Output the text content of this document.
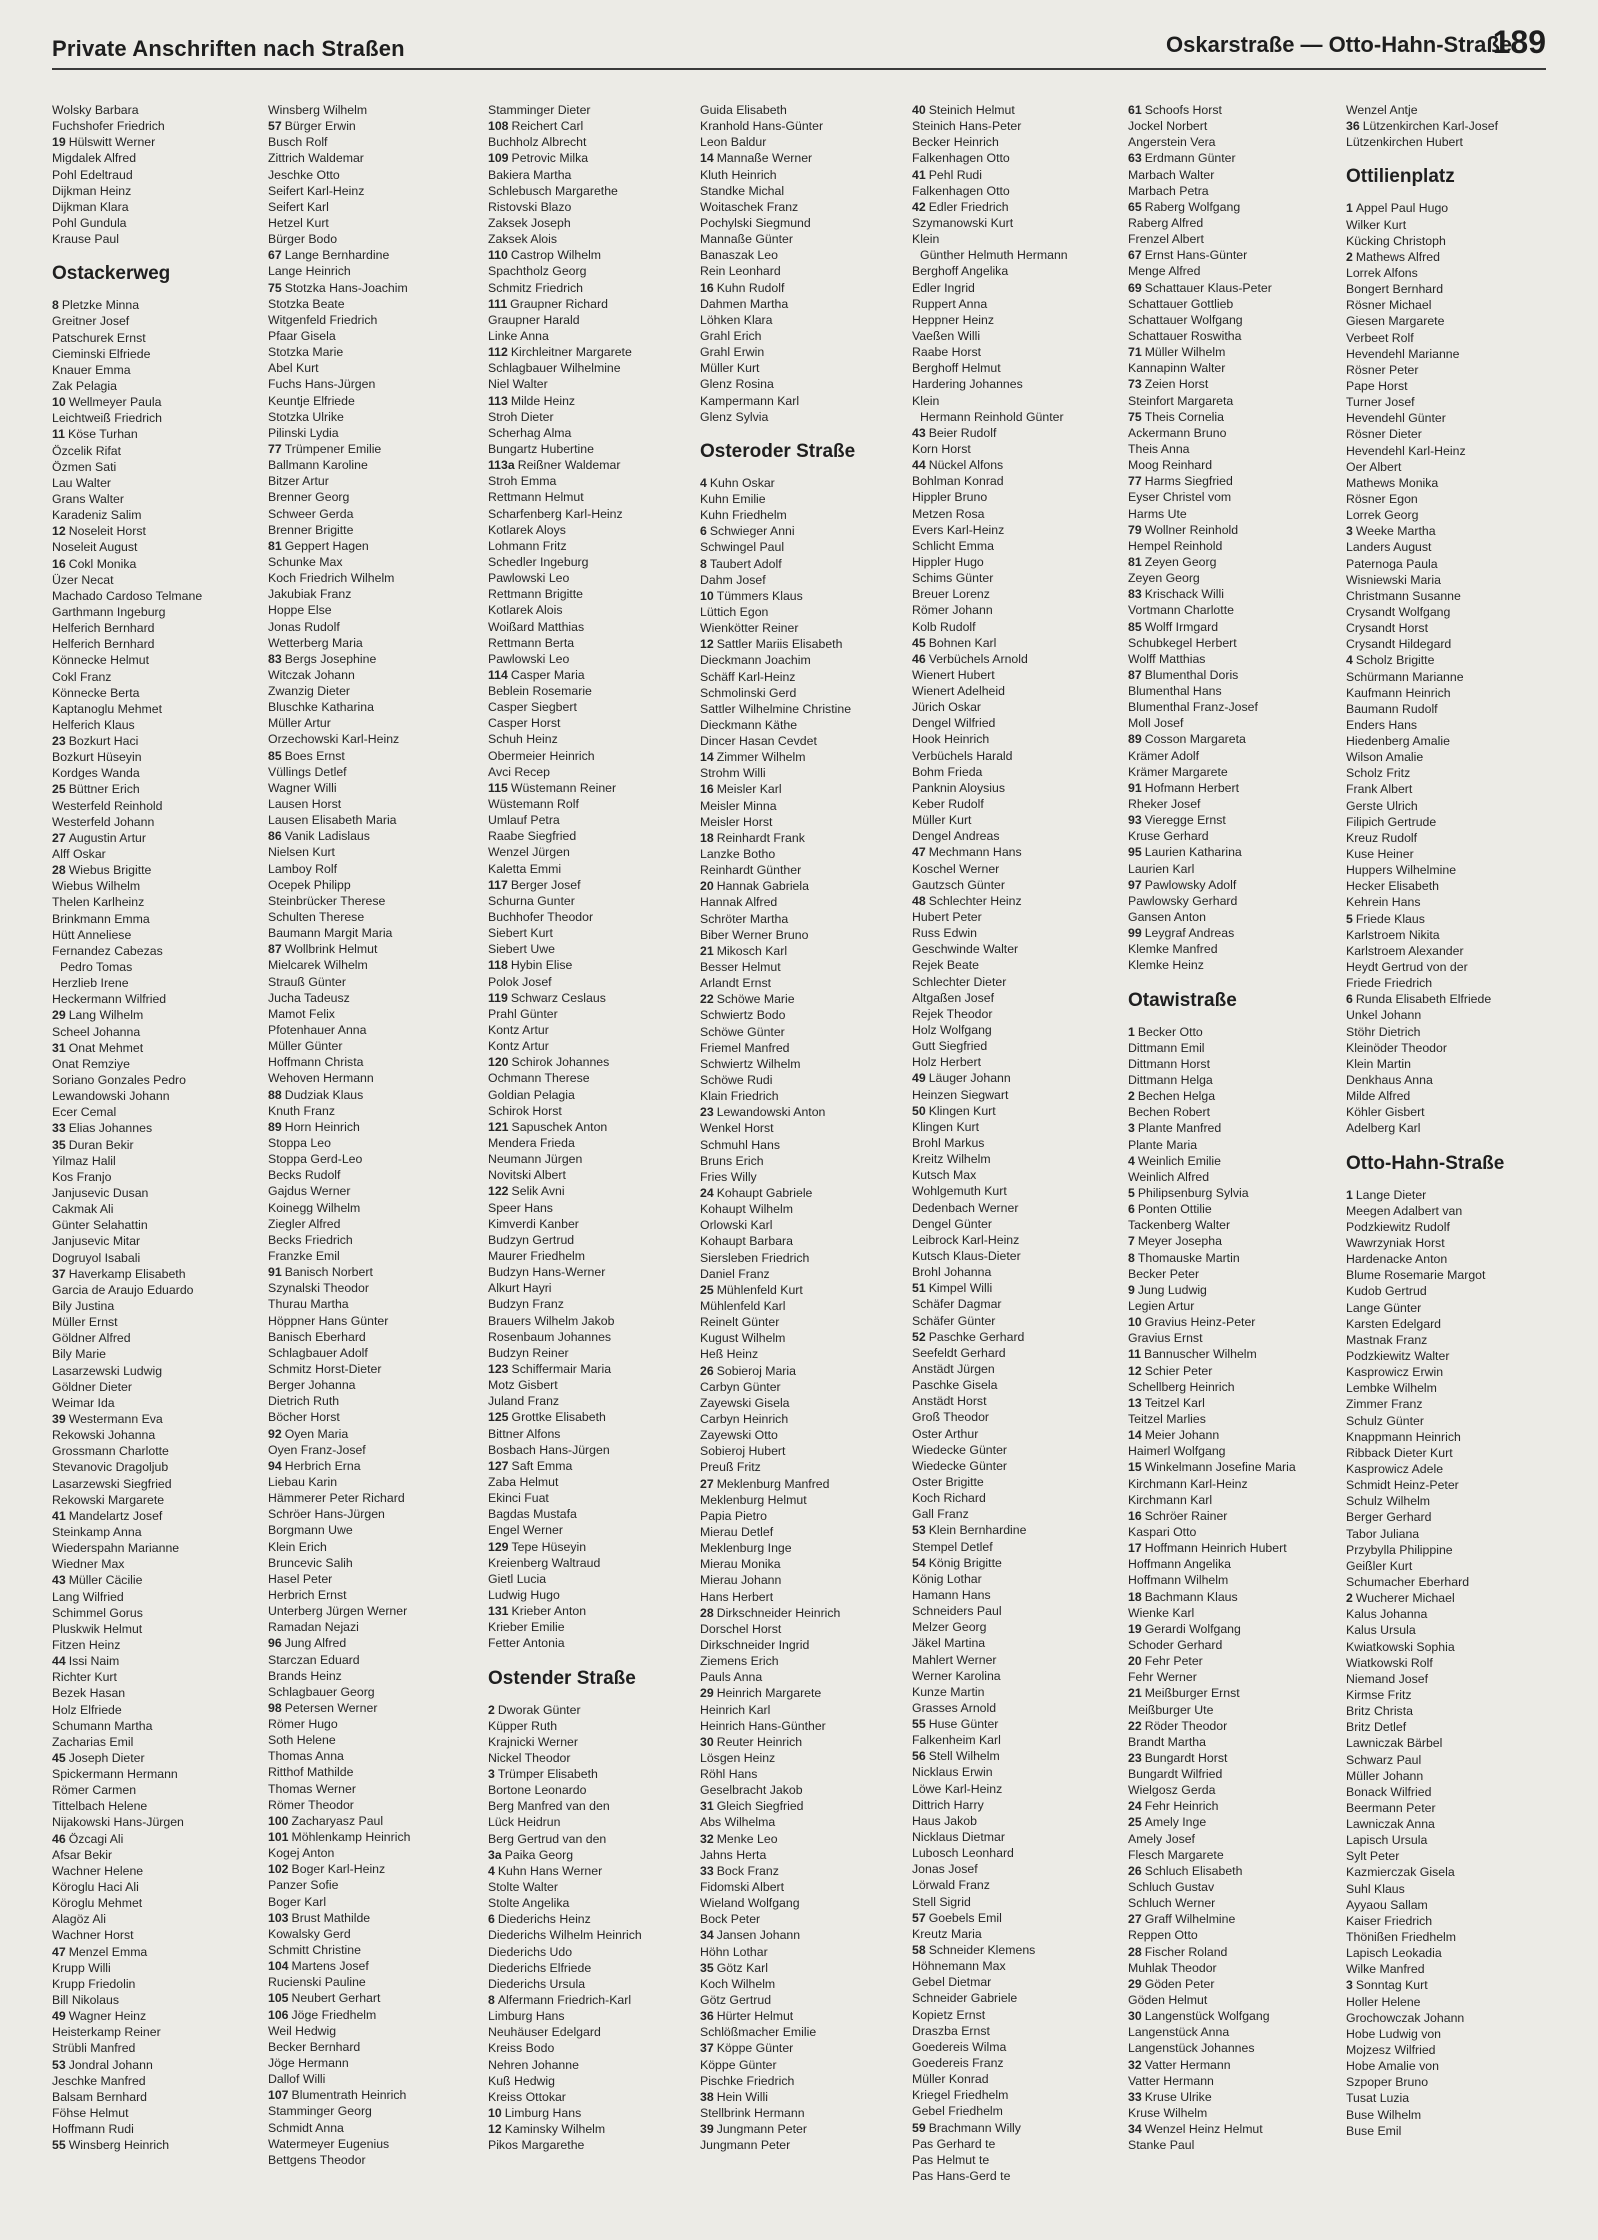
Private Anschriften nach Straßen	Oskarstraße — Otto-Hahn-Straße
189
Wolsky Barbara
Fuchshofer Friedrich
19 Hülswitt Werner
Migdalek Alfred
Pohl Edeltraud
Dijkman Heinz
Dijkman Klara
Pohl Gundula
Krause Paul
Ostackerweg
8 Pletzke Minna
Greitner Josef
Patschurek Ernst
Cieminski Elfriede
Knauer Emma
Zak Pelagia
10 Wellmeyer Paula
Leichtweiß Friedrich
11 Köse Turhan
Özcelik Rifat
Özmen Sati
Lau Walter
Grans Walter
Karadeniz Salim
12 Noseleit Horst
Noseleit August
16 Cokl Monika
Üzer Necat
Machado Cardoso Telmane
Garthmann Ingeburg
Helferich Bernhard
Helferich Bernhard
Könnecke Helmut
Cokl Franz
Könnecke Berta
Kaptanoglu Mehmet
Helferich Klaus
23 Bozkurt Haci
Bozkurt Hüseyin
Kordges Wanda
25 Büttner Erich
Westerfeld Reinhold
Westerfeld Johann
27 Augustin Artur
Alff Oskar
28 Wiebus Brigitte
Wiebus Wilhelm
Thelen Karlheinz
Brinkmann Emma
Hütt Anneliese
Fernandez Cabezas
Pedro Tomas
Herzlieb Irene
Heckermann Wilfried
29 Lang Wilhelm
Scheel Johanna
31 Onat Mehmet
Onat Remziye
Soriano Gonzales Pedro
Lewandowski Johann
Ecer Cemal
33 Elias Johannes
35 Duran Bekir
Yilmaz Halil
Kos Franjo
Janjusevic Dusan
Cakmak Ali
Günter Selahattin
Janjusevic Mitar
Dogruyol Isabali
37 Haverkamp Elisabeth
Garcia de Araujo Eduardo
Bily Justina
Müller Ernst
Göldner Alfred
Bily Marie
Lasarzewski Ludwig
Göldner Dieter
Weimar Ida
39 Westermann Eva
Rekowski Johanna
Grossmann Charlotte
Stevanovic Dragoljub
Lasarzewski Siegfried
Rekowski Margarete
41 Mandelartz Josef
Steinkamp Anna
Wiederspahn Marianne
Wiedner Max
43 Müller Cäcilie
Lang Wilfried
Schimmel Gorus
Pluskwik Helmut
Fitzen Heinz
44 Issi Naim
Richter Kurt
Bezek Hasan
Holz Elfriede
Schumann Martha
Zacharias Emil
45 Joseph Dieter
Spickermann Hermann
Römer Carmen
Tittelbach Helene
Nijakowski Hans-Jürgen
46 Özcagi Ali
Afsar Bekir
Wachner Helene
Köroglu Haci Ali
Köroglu Mehmet
Alagöz Ali
Wachner Horst
47 Menzel Emma
Krupp Willi
Krupp Friedolin
Bill Nikolaus
49 Wagner Heinz
Heisterkamp Reiner
Strübli Manfred
53 Jondral Johann
Jeschke Manfred
Balsam Bernhard
Föhse Helmut
Hoffmann Rudi
55 Winsberg Heinrich
Winsberg Wilhelm
57 Bürger Erwin
Busch Rolf
Zittrich Waldemar
Jeschke Otto
Seifert Karl-Heinz
Seifert Karl
Hetzel Kurt
Bürger Bodo
67 Lange Bernhardine
Lange Heinrich
75 Stotzka Hans-Joachim
Stotzka Beate
Witgenfeld Friedrich
Pfaar Gisela
Stotzka Marie
Abel Kurt
Fuchs Hans-Jürgen
Keuntje Elfriede
Stotzka Ulrike
Pilinski Lydia
77 Trümpener Emilie
Ballmann Karoline
Bitzer Artur
Brenner Georg
Schweer Gerda
Brenner Brigitte
81 Geppert Hagen
Schunke Max
Koch Friedrich Wilhelm
Jakubiak Franz
Hoppe Else
Jonas Rudolf
Wetterberg Maria
83 Bergs Josephine
Witczak Johann
Zwanzig Dieter
Bluschke Katharina
Müller Artur
Orzechowski Karl-Heinz
85 Boes Ernst
Vüllings Detlef
Wagner Willi
Lausen Horst
Lausen Elisabeth Maria
86 Vanik Ladislaus
Nielsen Kurt
Lamboy Rolf
Ocepek Philipp
Steinbrücker Therese
Schulten Therese
Baumann Margit Maria
87 Wollbrink Helmut
Mielcarek Wilhelm
Strauß Günter
Jucha Tadeusz
Mamot Felix
Pfotenhauer Anna
Müller Günter
Hoffmann Christa
Wehoven Hermann
88 Dudziak Klaus
Knuth Franz
89 Horn Heinrich
Stoppa Leo
Stoppa Gerd-Leo
Becks Rudolf
Gajdus Werner
Koinegg Wilhelm
Ziegler Alfred
Becks Friedrich
Franzke Emil
91 Banisch Norbert
Szynalski Theodor
Thurau Martha
Höppner Hans Günter
Banisch Eberhard
Schlagbauer Adolf
Schmitz Horst-Dieter
Berger Johanna
Dietrich Ruth
Böcher Horst
92 Oyen Maria
Oyen Franz-Josef
94 Herbrich Erna
Liebau Karin
Hämmerer Peter Richard
Schröer Hans-Jürgen
Borgmann Uwe
Klein Erich
Bruncevic Salih
Hasel Peter
Herbrich Ernst
Unterberg Jürgen Werner
Ramadan Nejazi
96 Jung Alfred
Starczan Eduard
Brands Heinz
Schlagbauer Georg
98 Petersen Werner
Römer Hugo
Soth Helene
Thomas Anna
Ritthof Mathilde
Thomas Werner
Römer Theodor
100 Zacharyasz Paul
101 Möhlenkamp Heinrich
Kogej Anton
102 Boger Karl-Heinz
Panzer Sofie
Boger Karl
103 Brust Mathilde
Kowalsky Gerd
Schmitt Christine
104 Martens Josef
Rucienski Pauline
105 Neubert Gerhart
106 Jöge Friedhelm
Weil Hedwig
Becker Bernhard
Jöge Hermann
Dallof Willi
107 Blumentrath Heinrich
Stamminger Georg
Schmidt Anna
Watermeyer Eugenius
Bettgens Theodor
Stamminger Dieter
108 Reichert Carl
Buchholz Albrecht
109 Petrovic Milka
Bakiera Martha
Schlebusch Margarethe
Ristovski Blazo
Zaksek Joseph
Zaksek Alois
110 Castrop Wilhelm
Spachtholz Georg
Schmitz Friedrich
111 Graupner Richard
Graupner Harald
Linke Anna
112 Kirchleitner Margarete
Schlagbauer Wilhelmine
Niel Walter
113 Milde Heinz
Stroh Dieter
Scherhag Alma
Bungartz Hubertine
113a Reißner Waldemar
Stroh Emma
Rettmann Helmut
Scharfenberg Karl-Heinz
Kotlarek Aloys
Lohmann Fritz
Schedler Ingeburg
Pawlowski Leo
Rettmann Brigitte
Kotlarek Alois
Woißard Matthias
Rettmann Berta
Pawlowski Leo
114 Casper Maria
Beblein Rosemarie
Casper Siegbert
Casper Horst
Schuh Heinz
Obermeier Heinrich
Avci Recep
115 Wüstemann Reiner
Wüstemann Rolf
Umlauf Petra
Raabe Siegfried
Wenzel Jürgen
Kaletta Emmi
117 Berger Josef
Schurna Gunter
Buchhofer Theodor
Siebert Kurt
Siebert Uwe
118 Hybin Elise
Polok Josef
119 Schwarz Ceslaus
Prahl Günter
Kontz Artur
Kontz Artur
120 Schirok Johannes
Ochmann Therese
Goldian Pelagia
Schirok Horst
121 Sapuschek Anton
Mendera Frieda
Neumann Jürgen
Novitski Albert
122 Selik Avni
Speer Hans
Kimverdi Kanber
Budzyn Gertrud
Maurer Friedhelm
Budzyn Hans-Werner
Alkurt Hayri
Budzyn Franz
Brauers Wilhelm Jakob
Rosenbaum Johannes
Budzyn Reiner
123 Schiffermair Maria
Motz Gisbert
Juland Franz
125 Grottke Elisabeth
Bittner Alfons
Bosbach Hans-Jürgen
127 Saft Emma
Zaba Helmut
Ekinci Fuat
Bagdas Mustafa
Engel Werner
129 Tepe Hüseyin
Kreienberg Waltraud
Gietl Lucia
Ludwig Hugo
131 Krieber Anton
Krieber Emilie
Fetter Antonia
Ostender Straße
2 Dworak Günter
Küpper Ruth
Krajnicki Werner
Nickel Theodor
3 Trümper Elisabeth
Bortone Leonardo
Berg Manfred van den
Lück Heidrun
Berg Gertrud van den
3a Paika Georg
4 Kuhn Hans Werner
Stolte Walter
Stolte Angelika
6 Diederichs Heinz
Diederichs Wilhelm Heinrich
Diederichs Udo
Diederichs Elfriede
Diederichs Ursula
8 Alfermann Friedrich-Karl
Limburg Hans
Neuhäuser Edelgard
Kreiss Bodo
Nehren Johanne
Kuß Hedwig
Kreiss Ottokar
10 Limburg Hans
12 Kaminsky Wilhelm
Pikos Margarethe
Guida Elisabeth
Kranhold Hans-Günter
Leon Baldur
14 Mannaße Werner
Kluth Heinrich
Standke Michal
Woitaschek Franz
Pochylski Siegmund
Mannaße Günter
Banaszak Leo
Rein Leonhard
16 Kuhn Rudolf
Dahmen Martha
Löhken Klara
Grahl Erich
Grahl Erwin
Müller Kurt
Glenz Rosina
Kampermann Karl
Glenz Sylvia
Osteroder Straße
4 Kuhn Oskar
Kuhn Emilie
Kuhn Friedhelm
6 Schwieger Anni
Schwingel Paul
8 Taubert Adolf
Dahm Josef
10 Tümmers Klaus
Lüttich Egon
Wienkötter Reiner
12 Sattler Mariis Elisabeth
Dieckmann Joachim
Schäff Karl-Heinz
Schmolinski Gerd
Sattler Wilhelmine Christine
Dieckmann Käthe
Dincer Hasan Cevdet
14 Zimmer Wilhelm
Strohm Willi
16 Meisler Karl
Meisler Minna
Meisler Horst
18 Reinhardt Frank
Lanzke Botho
Reinhardt Günther
20 Hannak Gabriela
Hannak Alfred
Schröter Martha
Biber Werner Bruno
21 Mikosch Karl
Besser Helmut
Arlandt Ernst
22 Schöwe Marie
Schwiertz Bodo
Schöwe Günter
Friemel Manfred
Schwiertz Wilhelm
Schöwe Rudi
Klain Friedrich
23 Lewandowski Anton
Wenkel Horst
Schmuhl Hans
Bruns Erich
Fries Willy
24 Kohaupt Gabriele
Kohaupt Wilhelm
Orlowski Karl
Kohaupt Barbara
Siersleben Friedrich
Daniel Franz
25 Mühlenfeld Kurt
Mühlenfeld Karl
Reinelt Günter
Kugust Wilhelm
Heß Heinz
26 Sobieroj Maria
Carbyn Günter
Zayewski Gisela
Carbyn Heinrich
Zayewski Otto
Sobieroj Hubert
Preuß Fritz
27 Meklenburg Manfred
Meklenburg Helmut
Papia Pietro
Mierau Detlef
Meklenburg Inge
Mierau Monika
Mierau Johann
Hans Herbert
28 Dirkschneider Heinrich
Dorschel Horst
Dirkschneider Ingrid
Ziemens Erich
Pauls Anna
29 Heinrich Margarete
Heinrich Karl
Heinrich Hans-Günther
30 Reuter Heinrich
Lösgen Heinz
Röhl Hans
Geselbracht Jakob
31 Gleich Siegfried
Abs Wilhelma
32 Menke Leo
Jahns Herta
33 Bock Franz
Fidomski Albert
Wieland Wolfgang
Bock Peter
34 Jansen Johann
Höhn Lothar
35 Götz Karl
Koch Wilhelm
Götz Gertrud
36 Hürter Helmut
Schlößmacher Emilie
37 Köppe Günter
Köppe Günter
Pischke Friedrich
38 Hein Willi
Stellbrink Hermann
39 Jungmann Peter
Jungmann Peter
40 Steinich Helmut
Steinich Hans-Peter
Becker Heinrich
Falkenhagen Otto
41 Pehl Rudi
Falkenhagen Otto
42 Edler Friedrich
Szymanowski Kurt
Klein
Günther Helmuth Hermann
Berghoff Angelika
Edler Ingrid
Ruppert Anna
Heppner Heinz
Vaeßen Willi
Raabe Horst
Berghoff Helmut
Hardering Johannes
Klein
Hermann Reinhold Günter
43 Beier Rudolf
Korn Horst
44 Nückel Alfons
Bohlman Konrad
Hippler Bruno
Metzen Rosa
Evers Karl-Heinz
Schlicht Emma
Hippler Hugo
Schims Günter
Breuer Lorenz
Römer Johann
Kolb Rudolf
45 Bohnen Karl
46 Verbüchels Arnold
Wienert Hubert
Wienert Adelheid
Jürich Oskar
Dengel Wilfried
Hook Heinrich
Verbüchels Harald
Bohm Frieda
Panknin Aloysius
Keber Rudolf
Müller Kurt
Dengel Andreas
47 Mechmann Hans
Koschel Werner
Gautzsch Günter
48 Schlechter Heinz
Hubert Peter
Russ Edwin
Geschwinde Walter
Rejek Beate
Schlechter Dieter
Altgaßen Josef
Rejek Theodor
Holz Wolfgang
Gutt Siegfried
Holz Herbert
49 Läuger Johann
Heinzen Siegwart
50 Klingen Kurt
Klingen Kurt
Brohl Markus
Kreitz Wilhelm
Kutsch Max
Wohlgemuth Kurt
Dedenbach Werner
Dengel Günter
Leibrock Karl-Heinz
Kutsch Klaus-Dieter
Brohl Johanna
51 Kimpel Willi
Schäfer Dagmar
Schäfer Günter
52 Paschke Gerhard
Seefeldt Gerhard
Anstädt Jürgen
Paschke Gisela
Anstädt Horst
Groß Theodor
Oster Arthur
Wiedecke Günter
Wiedecke Günter
Oster Brigitte
Koch Richard
Gall Franz
53 Klein Bernhardine
Stempel Detlef
54 König Brigitte
König Lothar
Hamann Hans
Schneiders Paul
Melzer Georg
Jäkel Martina
Mahlert Werner
Werner Karolina
Kunze Martin
Grasses Arnold
55 Huse Günter
Falkenheim Karl
56 Stell Wilhelm
Nicklaus Erwin
Löwe Karl-Heinz
Dittrich Harry
Haus Jakob
Nicklaus Dietmar
Lubosch Leonhard
Jonas Josef
Lörwald Franz
Stell Sigrid
57 Goebels Emil
Kreutz Maria
58 Schneider Klemens
Höhnemann Max
Gebel Dietmar
Schneider Gabriele
Kopietz Ernst
Draszba Ernst
Goedereis Wilma
Goedereis Franz
Müller Konrad
Kriegel Friedhelm
Gebel Friedhelm
59 Brachmann Willy
Pas Gerhard te
Pas Helmut te
Pas Hans-Gerd te
61 Schoofs Horst
Jockel Norbert
Angerstein Vera
63 Erdmann Günter
Marbach Walter
Marbach Petra
65 Raberg Wolfgang
Raberg Alfred
Frenzel Albert
67 Ernst Hans-Günter
Menge Alfred
69 Schattauer Klaus-Peter
Schattauer Gottlieb
Schattauer Wolfgang
Schattauer Roswitha
71 Müller Wilhelm
Kannapinn Walter
73 Zeien Horst
Steinfort Margareta
75 Theis Cornelia
Ackermann Bruno
Theis Anna
Moog Reinhard
77 Harms Siegfried
Eyser Christel vom
Harms Ute
79 Wollner Reinhold
Hempel Reinhold
81 Zeyen Georg
Zeyen Georg
83 Krischack Willi
Vortmann Charlotte
85 Wolff Irmgard
Schubkegel Herbert
Wolff Matthias
87 Blumenthal Doris
Blumenthal Hans
Blumenthal Franz-Josef
Moll Josef
89 Cosson Margareta
Krämer Adolf
Krämer Margarete
91 Hofmann Herbert
Rheker Josef
93 Vieregge Ernst
Kruse Gerhard
95 Laurien Katharina
Laurien Karl
97 Pawlowsky Adolf
Pawlowsky Gerhard
Gansen Anton
99 Leygraf Andreas
Klemke Manfred
Klemke Heinz
Otawistraße
1 Becker Otto
Dittmann Emil
Dittmann Horst
Dittmann Helga
2 Bechen Helga
Bechen Robert
3 Plante Manfred
Plante Maria
4 Weinlich Emilie
Weinlich Alfred
5 Philipsenburg Sylvia
6 Ponten Ottilie
Tackenberg Walter
7 Meyer Josepha
8 Thomauske Martin
Becker Peter
9 Jung Ludwig
Legien Artur
10 Gravius Heinz-Peter
Gravius Ernst
11 Bannuscher Wilhelm
12 Schier Peter
Schellberg Heinrich
13 Teitzel Karl
Teitzel Marlies
14 Meier Johann
Haimerl Wolfgang
15 Winkelmann Josefine Maria
Kirchmann Karl-Heinz
Kirchmann Karl
16 Schröer Rainer
Kaspari Otto
17 Hoffmann Heinrich Hubert
Hoffmann Angelika
Hoffmann Wilhelm
18 Bachmann Klaus
Wienke Karl
19 Gerardi Wolfgang
Schoder Gerhard
20 Fehr Peter
Fehr Werner
21 Meißburger Ernst
Meißburger Ute
22 Röder Theodor
Brandt Martha
23 Bungardt Horst
Bungardt Wilfried
Wielgosz Gerda
24 Fehr Heinrich
25 Amely Inge
Amely Josef
Flesch Margarete
26 Schluch Elisabeth
Schluch Gustav
Schluch Werner
27 Graff Wilhelmine
Reppen Otto
28 Fischer Roland
Muhlak Theodor
29 Göden Peter
Göden Helmut
30 Langenstück Wolfgang
Langenstück Anna
Langenstück Johannes
32 Vatter Hermann
Vatter Hermann
33 Kruse Ulrike
Kruse Wilhelm
34 Wenzel Heinz Helmut
Stanke Paul
Wenzel Antje
36 Lützenkirchen Karl-Josef
Lützenkirchen Hubert
Ottilienplatz
1 Appel Paul Hugo
Wilker Kurt
Kücking Christoph
2 Mathews Alfred
Lorrek Alfons
Bongert Bernhard
Rösner Michael
Giesen Margarete
Verbeet Rolf
Hevendehl Marianne
Rösner Peter
Pape Horst
Turner Josef
Hevendehl Günter
Rösner Dieter
Hevendehl Karl-Heinz
Oer Albert
Mathews Monika
Rösner Egon
Lorrek Georg
3 Weeke Martha
Landers August
Paternoga Paula
Wisniewski Maria
Christmann Susanne
Crysandt Wolfgang
Crysandt Horst
Crysandt Hildegard
4 Scholz Brigitte
Schürmann Marianne
Kaufmann Heinrich
Baumann Rudolf
Enders Hans
Hiedenberg Amalie
Wilson Amalie
Scholz Fritz
Frank Albert
Gerste Ulrich
Filipich Gertrude
Kreuz Rudolf
Kuse Heiner
Huppers Wilhelmine
Hecker Elisabeth
Kehrein Hans
5 Friede Klaus
Karlstroem Nikita
Karlstroem Alexander
Heydt Gertrud von der
Friede Friedrich
6 Runda Elisabeth Elfriede
Unkel Johann
Stöhr Dietrich
Kleinöder Theodor
Klein Martin
Denkhaus Anna
Milde Alfred
Köhler Gisbert
Adelberg Karl
Otto-Hahn-Straße
1 Lange Dieter
Meegen Adalbert van
Podzkiewitz Rudolf
Wawrzyniak Horst
Hardenacke Anton
Blume Rosemarie Margot
Kudob Gertrud
Lange Günter
Karsten Edelgard
Mastnak Franz
Podzkiewitz Walter
Kasprowicz Erwin
Lembke Wilhelm
Zimmer Franz
Schulz Günter
Knappmann Heinrich
Ribback Dieter Kurt
Kasprowicz Adele
Schmidt Heinz-Peter
Schulz Wilhelm
Berger Gerhard
Tabor Juliana
Przybylla Philippine
Geißler Kurt
Schumacher Eberhard
2 Wucherer Michael
Kalus Johanna
Kalus Ursula
Kwiatkowski Sophia
Wiatkowski Rolf
Niemand Josef
Kirmse Fritz
Britz Christa
Britz Detlef
Lawniczak Bärbel
Schwarz Paul
Müller Johann
Bonack Wilfried
Beermann Peter
Lawniczak Anna
Lapisch Ursula
Sylt Peter
Kazmierczak Gisela
Suhl Klaus
Ayyaou Sallam
Kaiser Friedrich
Thönißen Friedhelm
Lapisch Leokadia
Wilke Manfred
3 Sonntag Kurt
Holler Helene
Grochowczak Johann
Hobe Ludwig von
Mojzesz Wilfried
Hobe Amalie von
Szpoper Bruno
Tusat Luzia
Buse Wilhelm
Buse Emil
